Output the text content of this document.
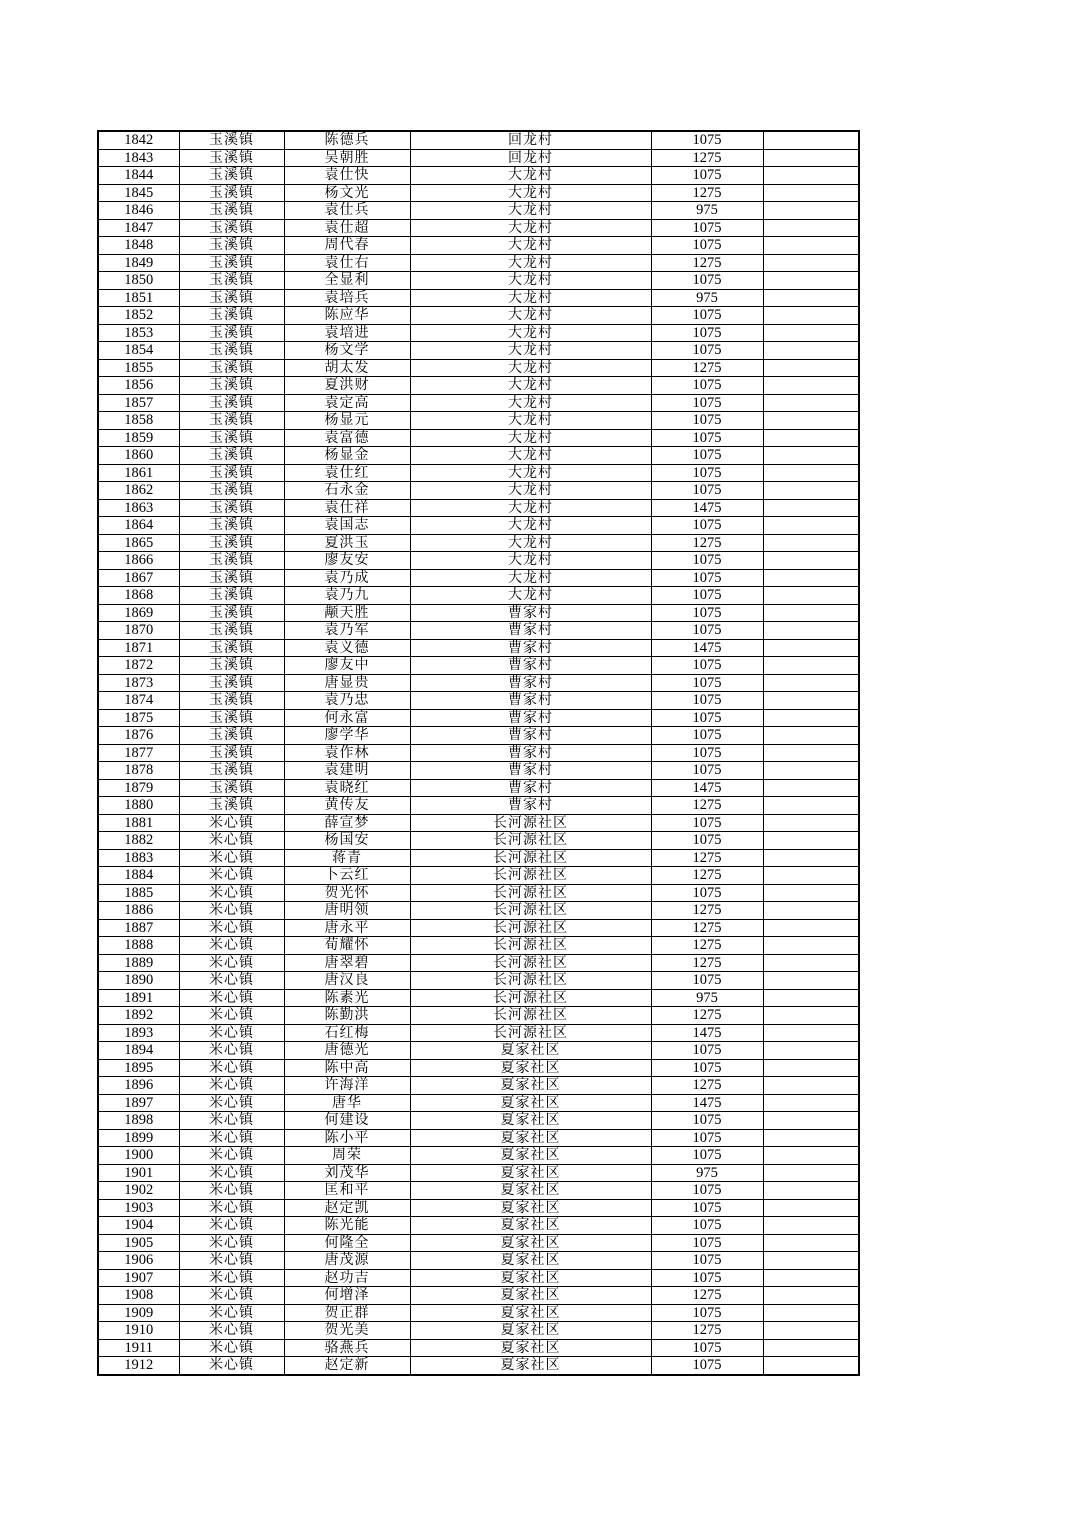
1842	玉溪镇	陈德兵	回龙村	1075	
1843	玉溪镇	吴朝胜	回龙村	1275	
1844	玉溪镇	袁仕快	大龙村	1075	
1845	玉溪镇	杨文光	大龙村	1275	
1846	玉溪镇	袁仕兵	大龙村	975	
1847	玉溪镇	袁仕超	大龙村	1075	
1848	玉溪镇	周代春	大龙村	1075	
1849	玉溪镇	袁仕右	大龙村	1275	
1850	玉溪镇	全显利	大龙村	1075	
1851	玉溪镇	袁培兵	大龙村	975	
1852	玉溪镇	陈应华	大龙村	1075	
1853	玉溪镇	袁培进	大龙村	1075	
1854	玉溪镇	杨文学	大龙村	1075	
1855	玉溪镇	胡太发	大龙村	1275	
1856	玉溪镇	夏洪财	大龙村	1075	
1857	玉溪镇	袁定高	大龙村	1075	
1858	玉溪镇	杨显元	大龙村	1075	
1859	玉溪镇	袁富德	大龙村	1075	
1860	玉溪镇	杨显金	大龙村	1075	
1861	玉溪镇	袁仕红	大龙村	1075	
1862	玉溪镇	石永金	大龙村	1075	
1863	玉溪镇	袁仕祥	大龙村	1475	
1864	玉溪镇	袁国志	大龙村	1075	
1865	玉溪镇	夏洪玉	大龙村	1275	
1866	玉溪镇	廖友安	大龙村	1075	
1867	玉溪镇	袁乃成	大龙村	1075	
1868	玉溪镇	袁乃九	大龙村	1075	
1869	玉溪镇	颟天胜	曹家村	1075	
1870	玉溪镇	袁乃军	曹家村	1075	
1871	玉溪镇	袁义德	曹家村	1475	
1872	玉溪镇	廖友中	曹家村	1075	
1873	玉溪镇	唐显贵	曹家村	1075	
1874	玉溪镇	袁乃忠	曹家村	1075	
1875	玉溪镇	何永富	曹家村	1075	
1876	玉溪镇	廖学华	曹家村	1075	
1877	玉溪镇	袁作林	曹家村	1075	
1878	玉溪镇	袁建明	曹家村	1075	
1879	玉溪镇	袁晓红	曹家村	1475	
1880	玉溪镇	黄传友	曹家村	1275	
1881	米心镇	薛宣梦	长河源社区	1075	
1882	米心镇	杨国安	长河源社区	1075	
1883	米心镇	蒋青	长河源社区	1275	
1884	米心镇	卜云红	长河源社区	1275	
1885	米心镇	贺光怀	长河源社区	1075	
1886	米心镇	唐明领	长河源社区	1275	
1887	米心镇	唐永平	长河源社区	1275	
1888	米心镇	荀耀怀	长河源社区	1275	
1889	米心镇	唐翠碧	长河源社区	1275	
1890	米心镇	唐汉良	长河源社区	1075	
1891	米心镇	陈素光	长河源社区	975	
1892	米心镇	陈勤洪	长河源社区	1275	
1893	米心镇	石红梅	长河源社区	1475	
1894	米心镇	唐德光	夏家社区	1075	
1895	米心镇	陈中高	夏家社区	1075	
1896	米心镇	许海洋	夏家社区	1275	
1897	米心镇	唐华	夏家社区	1475	
1898	米心镇	何建设	夏家社区	1075	
1899	米心镇	陈小平	夏家社区	1075	
1900	米心镇	周荣	夏家社区	1075	
1901	米心镇	刘茂华	夏家社区	975	
1902	米心镇	匡和平	夏家社区	1075	
1903	米心镇	赵定凯	夏家社区	1075	
1904	米心镇	陈光能	夏家社区	1075	
1905	米心镇	何隆全	夏家社区	1075	
1906	米心镇	唐茂源	夏家社区	1075	
1907	米心镇	赵功吉	夏家社区	1075	
1908	米心镇	何增泽	夏家社区	1275	
1909	米心镇	贺正群	夏家社区	1075	
1910	米心镇	贺光美	夏家社区	1275	
1911	米心镇	骆燕兵	夏家社区	1075	
1912	米心镇	赵定新	夏家社区	1075	
